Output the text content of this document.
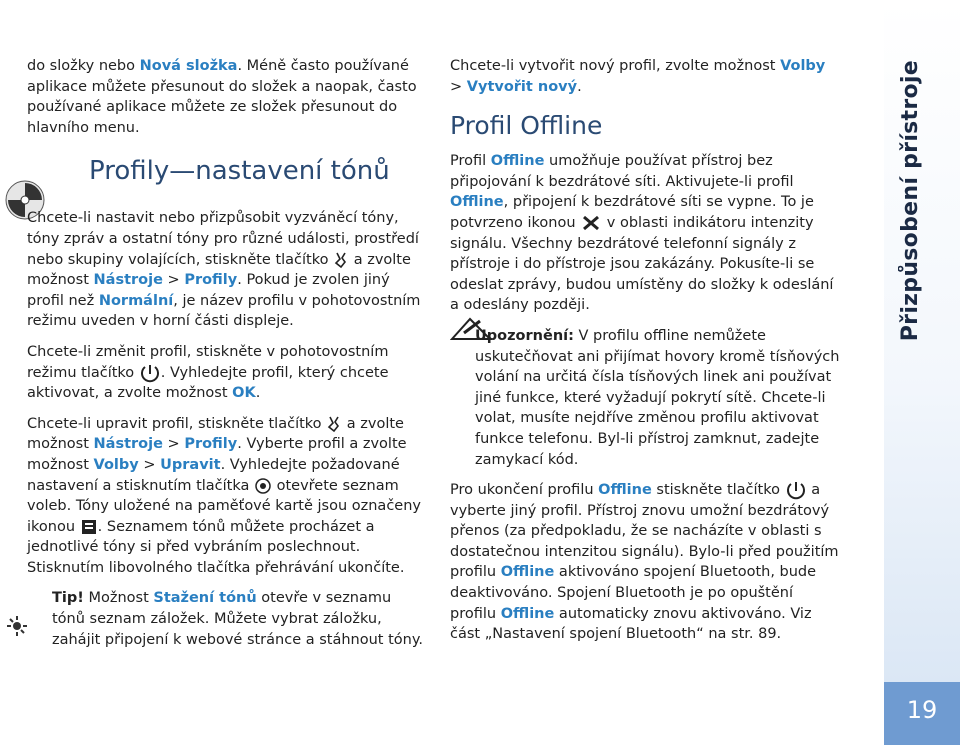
Přizpůsobení přístroje
19

do složky nebo Nová složka. Méně často používané aplikace můžete přesunout do složek a naopak, často používané aplikace můžete ze složek přesunout do hlavního menu.

Profily—nastavení tónů

Chcete-li nastavit nebo přizpůsobit vyzváněcí tóny, tóny zpráv a ostatní tóny pro různé události, prostředí nebo skupiny volajících, stiskněte tlačítko  a zvolte možnost Nástroje > Profily. Pokud je zvolen jiný profil než Normální, je název profilu v pohotovostním režimu uveden v horní části displeje.

Chcete-li změnit profil, stiskněte v pohotovostním režimu tlačítko . Vyhledejte profil, který chcete aktivovat, a zvolte možnost OK.

Chcete-li upravit profil, stiskněte tlačítko  a zvolte možnost Nástroje > Profily. Vyberte profil a zvolte možnost Volby > Upravit. Vyhledejte požadované nastavení a stisknutím tlačítka  otevřete seznam voleb. Tóny uložené na paměťové kartě jsou označeny ikonou . Seznamem tónů můžete procházet a jednotlivé tóny si před vybráním poslechnout. Stisknutím libovolného tlačítka přehrávání ukončíte.

Tip! Možnost Stažení tónů otevře v seznamu tónů seznam záložek. Můžete vybrat záložku, zahájit připojení k webové stránce a stáhnout tóny.

Chcete-li vytvořit nový profil, zvolte možnost Volby > Vytvořit nový.

Profil Offline

Profil Offline umožňuje používat přístroj bez připojování k bezdrátové síti. Aktivujete-li profil Offline, připojení k bezdrátové síti se vypne. To je potvrzeno ikonou  v oblasti indikátoru intenzity signálu. Všechny bezdrátové telefonní signály z přístroje i do přístroje jsou zakázány. Pokusíte-li se odeslat zprávy, budou umístěny do složky k odeslání a odeslány později.

Upozornění: V profilu offline nemůžete uskutečňovat ani přijímat hovory kromě tísňových volání na určitá čísla tísňových linek ani používat jiné funkce, které vyžadují pokrytí sítě. Chcete-li volat, musíte nejdříve změnou profilu aktivovat funkce telefonu. Byl-li přístroj zamknut, zadejte zamykací kód.

Pro ukončení profilu Offline stiskněte tlačítko  a vyberte jiný profil. Přístroj znovu umožní bezdrátový přenos (za předpokladu, že se nacházíte v oblasti s dostatečnou intenzitou signálu). Bylo-li před použitím profilu Offline aktivováno spojení Bluetooth, bude deaktivováno. Spojení Bluetooth je po opuštění profilu Offline automaticky znovu aktivováno. Viz část „Nastavení spojení Bluetooth“ na str. 89.
